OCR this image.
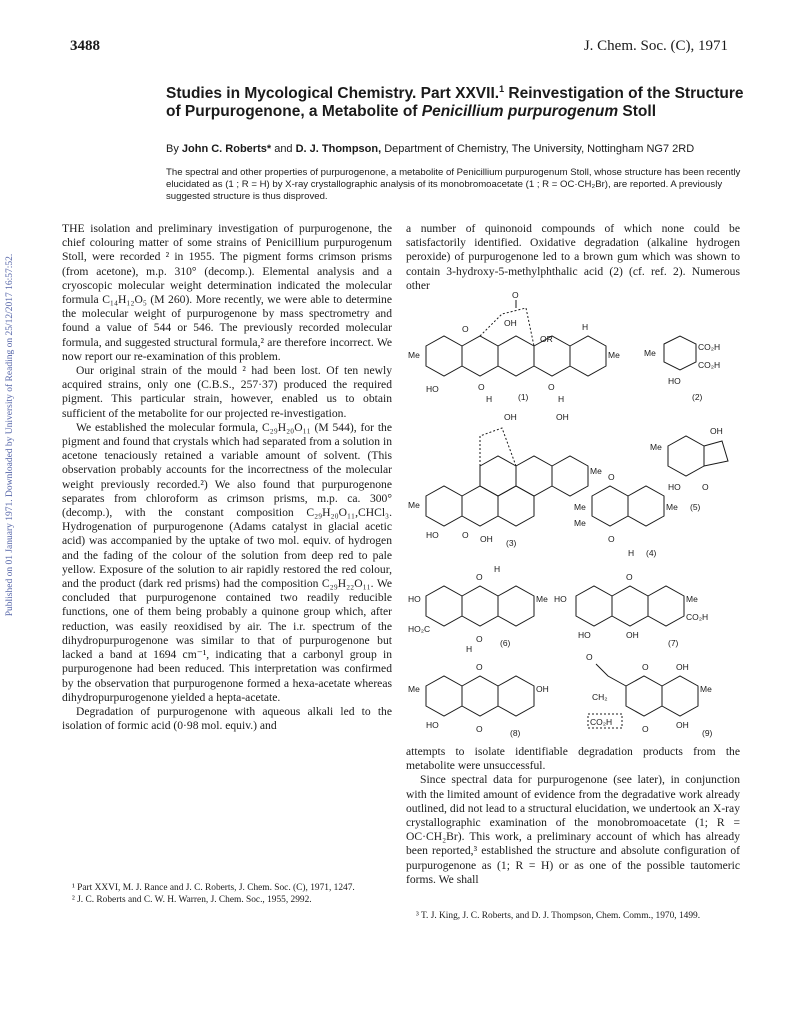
Published on 01 January 1971. Downloaded by University of Reading on 25/12/2017 16:57:52.
3488	J. Chem. Soc. (C), 1971
Studies in Mycological Chemistry. Part XXVII.$^1$ Reinvestigation of the Structure of Purpurogenone, a Metabolite of Penicillium purpurogenum Stoll
By John C. Roberts* and D. J. Thompson, Department of Chemistry, The University, Nottingham NG7 2RD
The spectral and other properties of purpurogenone, a metabolite of Penicillium purpurogenum Stoll, whose structure has been recently elucidated as (1 ; R = H) by X-ray crystallographic analysis of its monobromoacetate (1 ; R = OC·CH₂Br), are reported. A previously suggested structure is thus disproved.

THE isolation and preliminary investigation of purpurogenone, the chief colouring matter of some strains of Penicillium purpurogenum Stoll, were recorded ² in 1955. The pigment forms crimson prisms (from acetone), m.p. 310° (decomp.). Elemental analysis and a cryoscopic molecular weight determination indicated the molecular formula C₁₄H₁₂O₅ (M 260). More recently, we were able to determine the molecular weight of purpurogenone by mass spectrometry and found a value of 544 or 546. The previously recorded molecular formula, and suggested structural formula,² are therefore incorrect. We now report our re-examination of this problem.

Our original strain of the mould ² had been lost. Of ten newly acquired strains, only one (C.B.S., 257·37) produced the required pigment. This particular strain, however, enabled us to obtain sufficient of the metabolite for our projected re-investigation.

We established the molecular formula, C₂₉H₂₀O₁₁ (M 544), for the pigment and found that crystals which had separated from a solution in acetone tenaciously retained a variable amount of solvent. (This observation probably accounts for the incorrectness of the molecular weight previously recorded.²) We also found that purpurogenone separates from chloroform as crimson prisms, m.p. ca. 300° (decomp.), with the constant composition C₂₉H₂₀O₁₁,CHCl₃. Hydrogenation of purpurogenone (Adams catalyst in glacial acetic acid) was accompanied by the uptake of two mol. equiv. of hydrogen and the fading of the colour of the solution from deep red to pale yellow. Exposure of the solution to air rapidly restored the red colour, and the product (dark red prisms) had the composition C₂₉H₂₂O₁₁. We concluded that purpurogenone contained two readily reducible functions, one of them being probably a quinone group which, after reduction, was easily reoxidised by air. The i.r. spectrum of the dihydropurpurogenone was similar to that of purpurogenone but lacked a band at 1694 cm⁻¹, indicating that a carbonyl group in purpurogenone had been reduced. This interpretation was confirmed by the observation that purpurogenone formed a hexa-acetate whereas dihydropurpurogenone yielded a hepta-acetate.

Degradation of purpurogenone with aqueous alkali led to the isolation of formic acid (0·98 mol. equiv.) and

a number of quinonoid compounds of which none could be satisfactorily identified. Oxidative degradation (alkaline hydrogen peroxide) of purpurogenone led to a brown gum which was shown to contain 3-hydroxy-5-methylphthalic acid (2) (cf. ref. 2). Numerous other

Me
HO
O
O
OH
OR
H
Me
O	O
H	H
(1)
Me
CO₂H
CO₂H
HO
(2)
Me
HO
OH	OH
Me
OH
O
(3)
Me
Me
Me
O
O
H (4)
Me
OH
HO	O
(5)
HO
HO₂C
Me
O
O
H
H
(6)
HO	Me
CO₂H
HO	OH
O
(7)
Me	OH
HO
O
O	(8)
O
CH₂
CO₂H
OH
Me
OH
O
O	(9)

attempts to isolate identifiable degradation products from the metabolite were unsuccessful.

Since spectral data for purpurogenone (see later), in conjunction with the limited amount of evidence from the degradative work already outlined, did not lead to a structural elucidation, we undertook an X-ray crystallographic examination of the monobromoacetate (1; R = OC·CH₂Br). This work, a preliminary account of which has already been reported,³ established the structure and absolute configuration of purpurogenone as (1; R = H) or as one of the possible tautomeric forms. We shall

¹ Part XXVI, M. J. Rance and J. C. Roberts, J. Chem. Soc. (C), 1971, 1247.
² J. C. Roberts and C. W. H. Warren, J. Chem. Soc., 1955, 2992.
³ T. J. King, J. C. Roberts, and D. J. Thompson, Chem. Comm., 1970, 1499.
